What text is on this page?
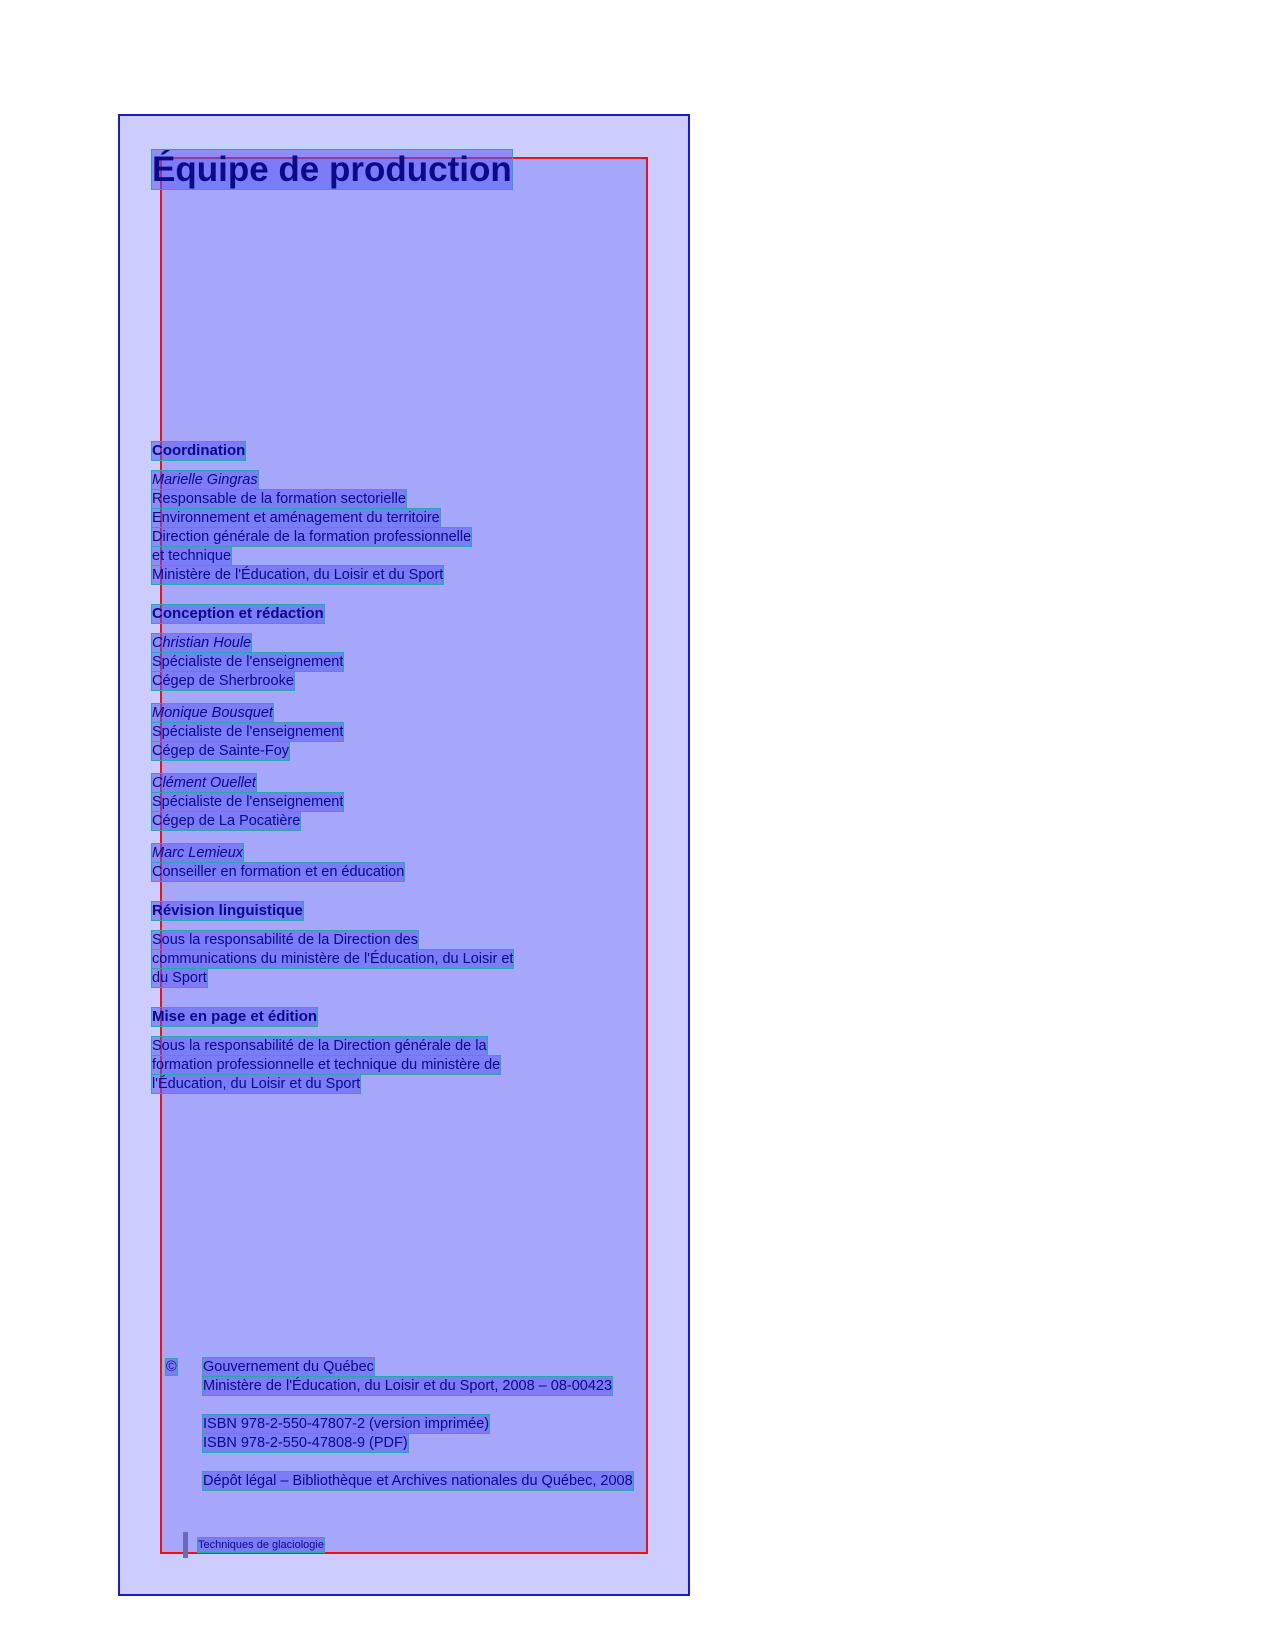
Équipe de production
Coordination
Marielle Gingras
Responsable de la formation sectorielle
Environnement et aménagement du territoire
Direction générale de la formation professionnelle
et technique
Ministère de l'Éducation, du Loisir et du Sport
Conception et rédaction
Christian Houle
Spécialiste de l'enseignement
Cégep de Sherbrooke
Monique Bousquet
Spécialiste de l'enseignement
Cégep de Sainte-Foy
Clément Ouellet
Spécialiste de l'enseignement
Cégep de La Pocatière
Marc Lemieux
Conseiller en formation et en éducation
Révision linguistique
Sous la responsabilité de la Direction des
communications du ministère de l'Éducation, du Loisir et
du Sport
Mise en page et édition
Sous la responsabilité de la Direction générale de la
formation professionnelle et technique du ministère de
l'Éducation, du Loisir et du Sport
©	Gouvernement du Québec
Ministère de l'Éducation, du Loisir et du Sport, 2008 – 08-00423
ISBN 978-2-550-47807-2 (version imprimée)
ISBN 978-2-550-47808-9 (PDF)
Dépôt légal – Bibliothèque et Archives nationales du Québec, 2008
Techniques de glaciologie
